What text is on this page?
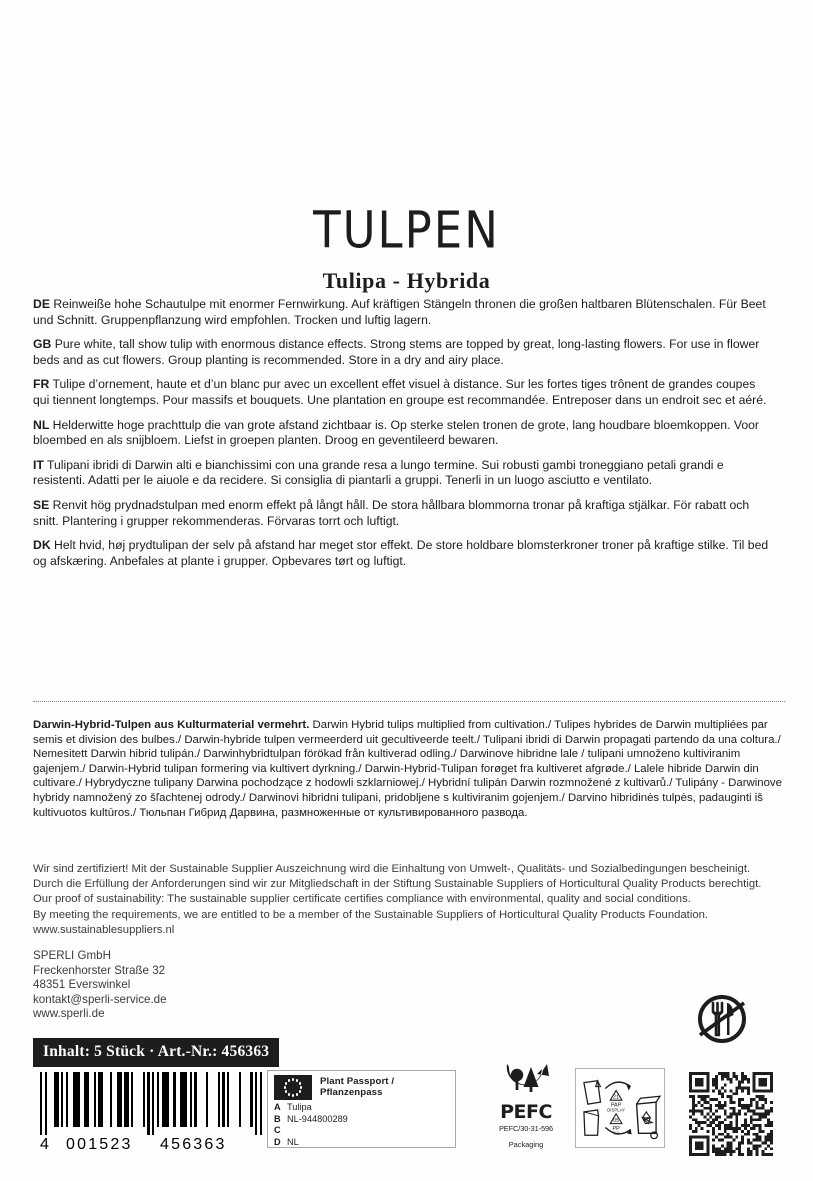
TULPEN
Tulipa - Hybrida

DE Reinweiße hohe Schautulpe mit enormer Fernwirkung. Auf kräftigen Stängeln thronen die großen haltbaren Blütenschalen. Für Beet und Schnitt. Gruppenpflanzung wird empfohlen. Trocken und luftig lagern.

GB Pure white, tall show tulip with enormous distance effects. Strong stems are topped by great, long-lasting flowers. For use in flower beds and as cut flowers. Group planting is recommended. Store in a dry and airy place.

FR Tulipe d’ornement, haute et d’un blanc pur avec un excellent effet visuel à distance. Sur les fortes tiges trônent de grandes coupes qui tiennent longtemps. Pour massifs et bouquets. Une plantation en groupe est recommandée. Entreposer dans un endroit sec et aéré.

NL Helderwitte hoge prachttulp die van grote afstand zichtbaar is. Op sterke stelen tronen de grote, lang houdbare bloemkoppen. Voor bloembed en als snijbloem. Liefst in groepen planten. Droog en geventileerd bewaren.

IT Tulipani ibridi di Darwin alti e bianchissimi con una grande resa a lungo termine. Sui robusti gambi troneggiano petali grandi e resistenti. Adatti per le aiuole e da recidere. Si consiglia di piantarli a gruppi. Tenerli in un luogo asciutto e ventilato.

SE Renvit hög prydnadstulpan med enorm effekt på långt håll. De stora hållbara blommorna tronar på kraftiga stjälkar. För rabatt och snitt. Plantering i grupper rekommenderas. Förvaras torrt och luftigt.

DK Helt hvid, høj prydtulipan der selv på afstand har meget stor effekt. De store holdbare blomsterkroner troner på kraftige stilke. Til bed og afskæring. Anbefales at plante i grupper. Opbevares tørt og luftigt.

Darwin-Hybrid-Tulpen aus Kulturmaterial vermehrt. Darwin Hybrid tulips multiplied from cultivation./ Tulipes hybrides de Darwin multipliées par semis et division des bulbes./ Darwin-hybride tulpen vermeerderd uit gecultiveerde teelt./ Tulipani ibridi di Darwin propagati partendo da una coltura./ Nemesitett Darwin hibrid tulipán./ Darwinhybridtulpan förökad från kultiverad odling./ Darwinove hibridne lale / tulipani umnoženo kultiviranim gajenjem./ Darwin-Hybrid tulipan formering via kultivert dyrkning./ Darwin-Hybrid-Tulipan forøget fra kultiveret afgrøde./ Lalele hibride Darwin din cultivare./ Hybrydyczne tulipany Darwina pochodzące z hodowli szklarniowej./ Hybridní tulipán Darwin rozmnožené z kultivarů./ Tulipány - Darwinove hybridy namnožený zo šľachtenej odrody./ Darwinovi hibridni tulipani, pridobljene s kultiviranim gojenjem./ Darvino hibridinės tulpės, padauginti iš kultivuotos kultūros./ Тюльпан Гибрид Дарвина, размноженные от культивированного развода.

Wir sind zertifiziert! Mit der Sustainable Supplier Auszeichnung wird die Einhaltung von Umwelt-, Qualitäts- und Sozialbedingungen bescheinigt.
Durch die Erfüllung der Anforderungen sind wir zur Mitgliedschaft in der Stiftung Sustainable Suppliers of Horticultural Quality Products berechtigt.
Our proof of sustainability: The sustainable supplier certificate certifies compliance with environmental, quality and social conditions.
By meeting the requirements, we are entitled to be a member of the Sustainable Suppliers of Horticultural Quality Products Foundation.
www.sustainablesuppliers.nl
SPERLI GmbH
Freckenhorster Straße 32
48351 Everswinkel
kontakt@sperli-service.de
www.sperli.de
Inhalt: 5 Stück · Art.-Nr.: 456363
4 001523 456363
Plant Passport / Pflanzenpass
A Tulipa
B NL-944800289
C
D NL
PEFC
PEFC/30-31-596
Packaging
21
PAP
DISPLAY
05
PP
foil
